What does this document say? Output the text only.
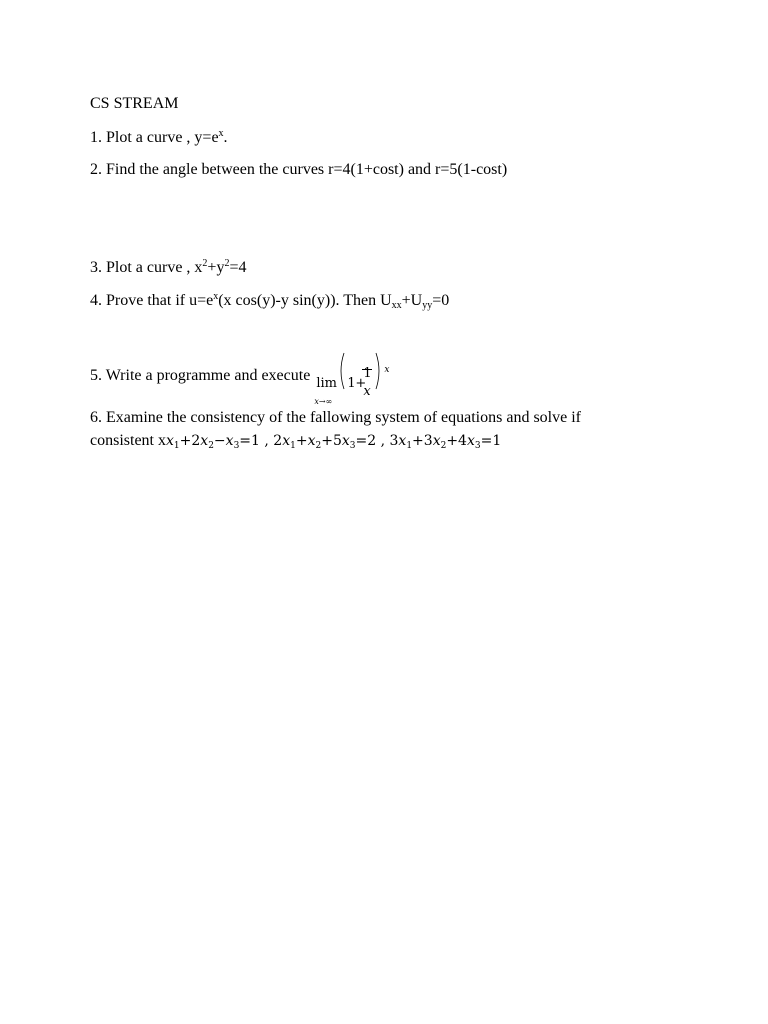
CS STREAM
1. Plot a curve , $y=e^x$.
2. Find the angle between the curves r=4(1+cost) and r=5(1-cost)
3. Plot a curve , $x^2+y^2=4$
4. Prove that if $u=e^x(x$ cos(y)-y sin(y)). Then $U_{xx}+U_{yy}=0$
5. Write a programme and execute lim
x→∞
1 +
1
x
x
6. Examine the consistency of the fallowing system of equations and solve if
consistent $xx_1+2x_2-x_3=1$ , $2x_1+x_2+5x_3=2$ , $3x_1+3x_2+4x_3=1$
